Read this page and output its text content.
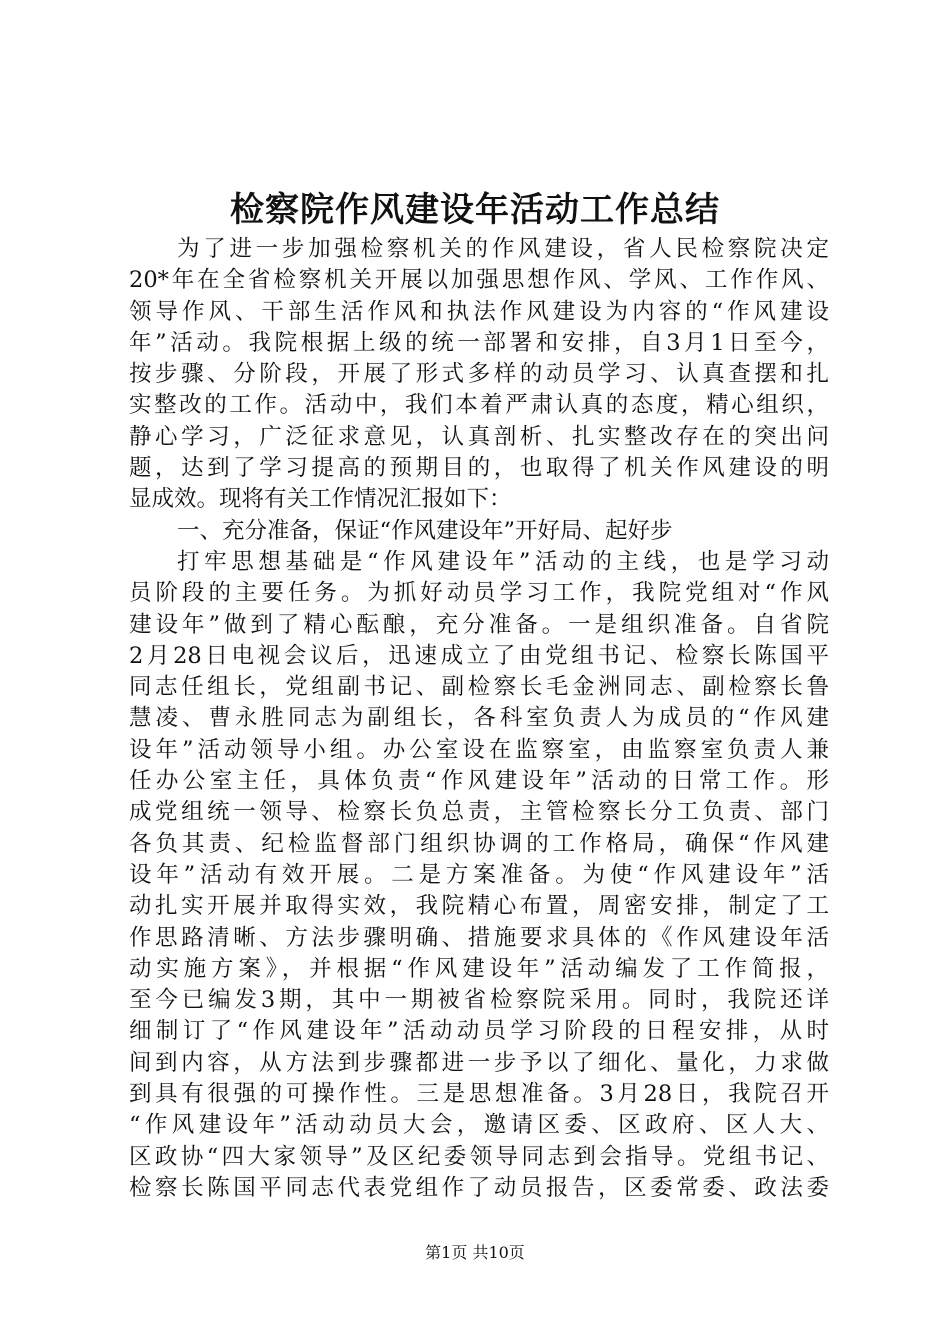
检察院作风建设年活动工作总结
为了进一步加强检察机关的作风建设，省人民检察院决定
20*年在全省检察机关开展以加强思想作风、学风、工作作风、
领导作风、干部生活作风和执法作风建设为内容的“作风建设
年”活动。我院根据上级的统一部署和安排，自3月1日至今，
按步骤、分阶段，开展了形式多样的动员学习、认真查摆和扎
实整改的工作。活动中，我们本着严肃认真的态度，精心组织，
静心学习，广泛征求意见，认真剖析、扎实整改存在的突出问
题，达到了学习提高的预期目的，也取得了机关作风建设的明
显成效。现将有关工作情况汇报如下：
一、充分准备，保证“作风建设年”开好局、起好步
打牢思想基础是“作风建设年”活动的主线，也是学习动
员阶段的主要任务。为抓好动员学习工作，我院党组对“作风
建设年”做到了精心酝酿，充分准备。一是组织准备。自省院
2月28日电视会议后，迅速成立了由党组书记、检察长陈国平
同志任组长，党组副书记、副检察长毛金洲同志、副检察长鲁
慧凌、曹永胜同志为副组长，各科室负责人为成员的“作风建
设年”活动领导小组。办公室设在监察室，由监察室负责人兼
任办公室主任，具体负责“作风建设年”活动的日常工作。形
成党组统一领导、检察长负总责，主管检察长分工负责、部门
各负其责、纪检监督部门组织协调的工作格局，确保“作风建
设年”活动有效开展。二是方案准备。为使“作风建设年”活
动扎实开展并取得实效，我院精心布置，周密安排，制定了工
作思路清晰、方法步骤明确、措施要求具体的《作风建设年活
动实施方案》，并根据“作风建设年”活动编发了工作简报，
至今已编发3期，其中一期被省检察院采用。同时，我院还详
细制订了“作风建设年”活动动员学习阶段的日程安排，从时
间到内容，从方法到步骤都进一步予以了细化、量化，力求做
到具有很强的可操作性。三是思想准备。3月28日，我院召开
“作风建设年”活动动员大会，邀请区委、区政府、区人大、
区政协“四大家领导”及区纪委领导同志到会指导。党组书记、
检察长陈国平同志代表党组作了动员报告，区委常委、政法委
第1页 共10页
